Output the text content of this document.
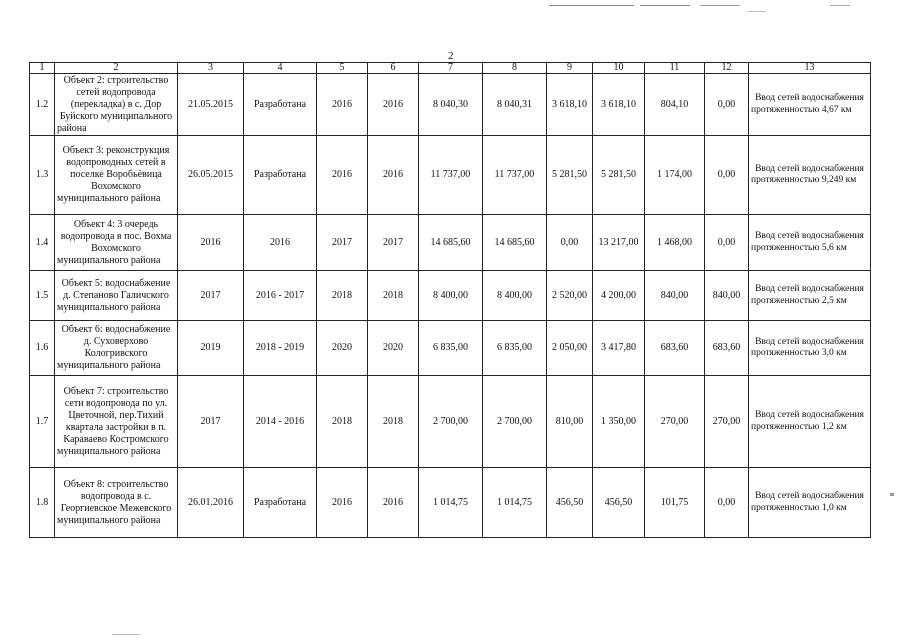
2
1	2	3	4	5	6	7	8	9	10	11	12	13
1.2	Объект 2: строительство сетей водопровода (перекладка) в с. Дор Буйского муниципального района	21.05.2015	Разработана	2016	2016	8 040,30	8 040,31	3 618,10	3 618,10	804,10	0,00	Ввод сетей водоснабжения протяженностью 4,67 км
1.3	Объект 3: реконструкция водопроводных сетей в поселке Воробьёвица Вохомского муниципального района	26.05.2015	Разработана	2016	2016	11 737,00	11 737,00	5 281,50	5 281,50	1 174,00	0,00	Ввод сетей водоснабжения протяженностью 9,249 км
1.4	Объект 4: 3 очередь водопровода в пос. Вохма Вохомского муниципального района	2016	2016	2017	2017	14 685,60	14 685,60	0,00	13 217,00	1 468,00	0,00	Ввод сетей водоснабжения протяженностью 5,6 км
1.5	Объект 5: водоснабжение д. Степаново Галичского муниципального района	2017	2016 - 2017	2018	2018	8 400,00	8 400,00	2 520,00	4 200,00	840,00	840,00	Ввод сетей водоснабжения протяженностью 2,5 км
1.6	Объект 6: водоснабжение д. Суховерхово Кологривского муниципального района	2019	2018 - 2019	2020	2020	6 835,00	6 835,00	2 050,00	3 417,80	683,60	683,60	Ввод сетей водоснабжения протяженностью 3,0 км
1.7	Объект 7: строительство сети водопровода по ул. Цветочной, пер.Тихий квартала застройки в п. Караваево Костромского муниципального района	2017	2014 - 2016	2018	2018	2 700,00	2 700,00	810,00	1 350,00	270,00	270,00	Ввод сетей водоснабжения протяженностью 1,2 км
1.8	Объект 8: строительство водопровода в с. Георгиевское Межевского муниципального района	26.01.2016	Разработана	2016	2016	1 014,75	1 014,75	456,50	456,50	101,75	0,00	Ввод сетей водоснабжения протяженностью 1,0 км
